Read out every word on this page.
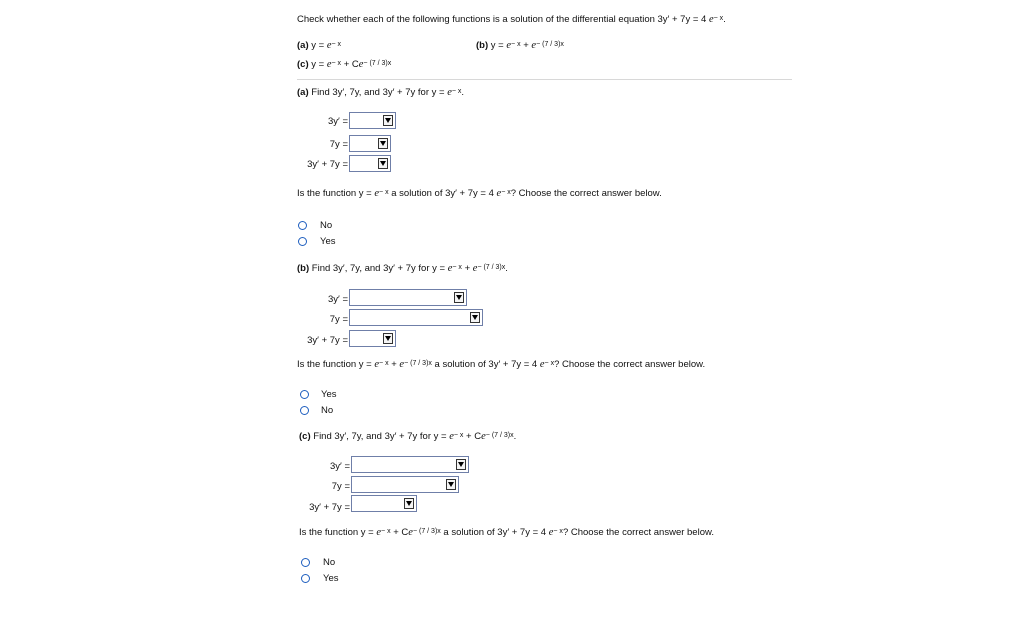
Check whether each of the following functions is a solution of the differential equation 3y′ + 7y = 4 $e^{- x}$.
(a) $y = e^{- x}$	(b) $y = e^{- x} + e^{- (7 / 3)x}$
(c) $y = e^{- x} + Ce^{- (7 / 3)x}$
(a) Find 3y′, 7y, and 3y′ + 7y for $y = e^{- x}$.
3y′ =
7y =
3y′ + 7y =
Is the function $y = e^{- x}$ a solution of 3y′ + 7y = 4 $e^{- x}$? Choose the correct answer below.
No
Yes
(b) Find 3y′, 7y, and 3y′ + 7y for $y = e^{- x} + e^{- (7 / 3)x}$.
3y′ =
7y =
3y′ + 7y =
Is the function $y = e^{- x} + e^{- (7 / 3)x}$ a solution of 3y′ + 7y = 4 $e^{- x}$? Choose the correct answer below.
Yes
No
(c) Find 3y′, 7y, and 3y′ + 7y for $y = e^{- x} + Ce^{- (7 / 3)x}$.
3y′ =
7y =
3y′ + 7y =
Is the function $y = e^{- x} + Ce^{- (7 / 3)x}$ a solution of 3y′ + 7y = 4 $e^{- x}$? Choose the correct answer below.
No
Yes
